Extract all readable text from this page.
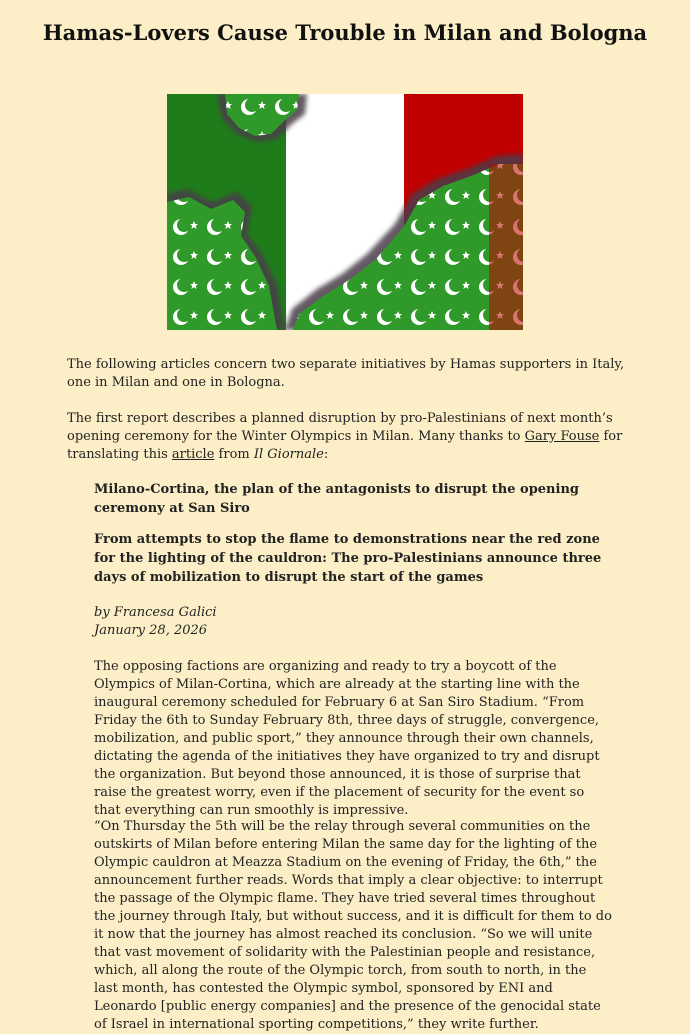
Hamas-Lovers Cause Trouble in Milan and Bologna

The following articles concern two separate initiatives by Hamas supporters in Italy, one in Milan and one in Bologna.

The first report describes a planned disruption by pro-Palestinians of next month’s opening ceremony for the Winter Olympics in Milan. Many thanks to Gary Fouse for translating this article from Il Giornale:

Milano-Cortina, the plan of the antagonists to disrupt the opening ceremony at San Siro

From attempts to stop the flame to demonstrations near the red zone for the lighting of the cauldron: The pro-Palestinians announce three days of mobilization to disrupt the start of the games

by Francesa Galici

January 28, 2026

The opposing factions are organizing and ready to try a boycott of the Olympics of Milan-Cortina, which are already at the starting line with the inaugural ceremony scheduled for February 6 at San Siro Stadium. “From Friday the 6th to Sunday February 8th, three days of struggle, convergence, mobilization, and public sport,” they announce through their own channels, dictating the agenda of the initiatives they have organized to try and disrupt the organization. But beyond those announced, it is those of surprise that raise the greatest worry, even if the placement of security for the event so that everything can run smoothly is impressive.

“On Thursday the 5th will be the relay through several communities on the outskirts of Milan before entering Milan the same day for the lighting of the Olympic cauldron at Meazza Stadium on the evening of Friday, the 6th,” the announcement further reads. Words that imply a clear objective: to interrupt the passage of the Olympic flame. They have tried several times throughout the journey through Italy, but without success, and it is difficult for them to do it now that the journey has almost reached its conclusion. “So we will unite that vast movement of solidarity with the Palestinian people and resistance, which, all along the route of the Olympic torch, from south to north, in the last month, has contested the Olympic symbol, sponsored by ENI and Leonardo [public energy companies] and the presence of the genocidal state of Israel in international sporting competitions,” they write further.
